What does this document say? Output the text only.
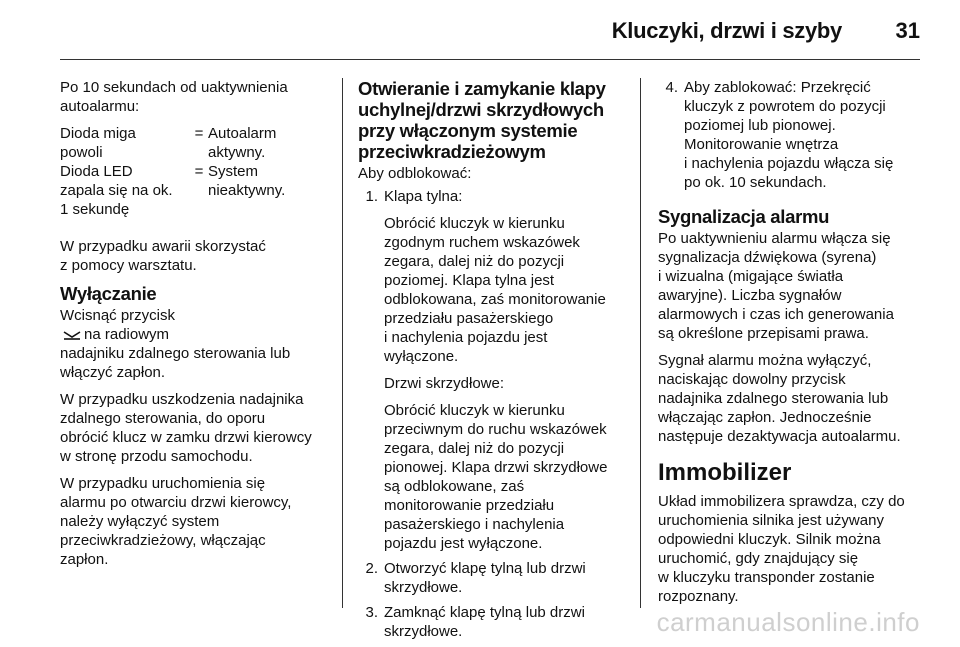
Kluczyki, drzwi i szyby 31

Po 10 sekundach od uaktywnienia
autoalarmu:

Dioda miga
powoli
= Autoalarm
aktywny.
Dioda LED
zapala się na ok.
1 sekundę
= System
nieaktywny.

W przypadku awarii skorzystać
z pomocy warsztatu.

Wyłączanie

Wcisnąć przycisk
na radiowym
nadajniku zdalnego sterowania lub
włączyć zapłon.

W przypadku uszkodzenia nadajnika
zdalnego sterowania, do oporu
obrócić klucz w zamku drzwi kierowcy
w stronę przodu samochodu.

W przypadku uruchomienia się
alarmu po otwarciu drzwi kierowcy,
należy wyłączyć system
przeciwkradzieżowy, włączając
zapłon.

Otwieranie i zamykanie klapy
uchylnej/drzwi skrzydłowych
przy włączonym systemie
przeciwkradzieżowym

Aby odblokować:

1. Klapa tylna:

Obrócić kluczyk w kierunku
zgodnym ruchem wskazówek
zegara, dalej niż do pozycji
poziomej. Klapa tylna jest
odblokowana, zaś monitorowanie
przedziału pasażerskiego
i nachylenia pojazdu jest
wyłączone.

Drzwi skrzydłowe:

Obrócić kluczyk w kierunku
przeciwnym do ruchu wskazówek
zegara, dalej niż do pozycji
pionowej. Klapa drzwi skrzydłowe
są odblokowane, zaś
monitorowanie przedziału
pasażerskiego i nachylenia
pojazdu jest wyłączone.

2. Otworzyć klapę tylną lub drzwi
skrzydłowe.

3. Zamknąć klapę tylną lub drzwi
skrzydłowe.

4. Aby zablokować: Przekręcić
kluczyk z powrotem do pozycji
poziomej lub pionowej.
Monitorowanie wnętrza
i nachylenia pojazdu włącza się
po ok. 10 sekundach.

Sygnalizacja alarmu

Po uaktywnieniu alarmu włącza się
sygnalizacja dźwiękowa (syrena)
i wizualna (migające światła
awaryjne). Liczba sygnałów
alarmowych i czas ich generowania
są określone przepisami prawa.

Sygnał alarmu można wyłączyć,
naciskając dowolny przycisk
nadajnika zdalnego sterowania lub
włączając zapłon. Jednocześnie
następuje dezaktywacja autoalarmu.

Immobilizer

Układ immobilizera sprawdza, czy do
uruchomienia silnika jest używany
odpowiedni kluczyk. Silnik można
uruchomić, gdy znajdujący się
w kluczyku transponder zostanie
rozpoznany.

carmanualsonline.info
